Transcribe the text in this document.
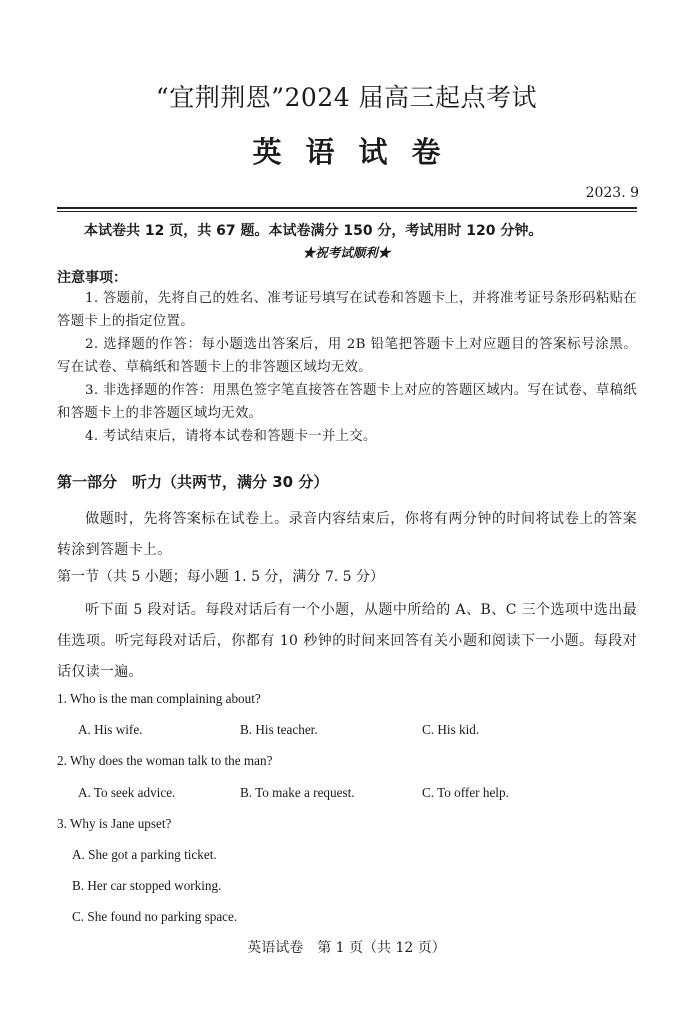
“宜荆荆恩”2024 届高三起点考试
英语试卷
2023. 9
本试卷共 12 页，共 67 题。本试卷满分 150 分，考试用时 120 分钟。
★祝考试顺利★
注意事项：
1. 答题前，先将自己的姓名、准考证号填写在试卷和答题卡上，并将准考证号条形码粘贴在答题卡上的指定位置。
2. 选择题的作答：每小题选出答案后，用 2B 铅笔把答题卡上对应题目的答案标号涂黑。写在试卷、草稿纸和答题卡上的非答题区域均无效。
3. 非选择题的作答：用黑色签字笔直接答在答题卡上对应的答题区域内。写在试卷、草稿纸和答题卡上的非答题区域均无效。
4. 考试结束后，请将本试卷和答题卡一并上交。
第一部分　听力（共两节，满分 30 分）
做题时，先将答案标在试卷上。录音内容结束后，你将有两分钟的时间将试卷上的答案转涂到答题卡上。
第一节（共 5 小题；每小题 1. 5 分，满分 7. 5 分）
听下面 5 段对话。每段对话后有一个小题，从题中所给的 A、B、C 三个选项中选出最佳选项。听完每段对话后，你都有 10 秒钟的时间来回答有关小题和阅读下一小题。每段对话仅读一遍。
1. Who is the man complaining about?
A. His wife.	B. His teacher.	C. His kid.
2. Why does the woman talk to the man?
A. To seek advice.	B. To make a request.	C. To offer help.
3. Why is Jane upset?
A. She got a parking ticket.
B. Her car stopped working.
C. She found no parking space.
英语试卷　第 1 页（共 12 页）
